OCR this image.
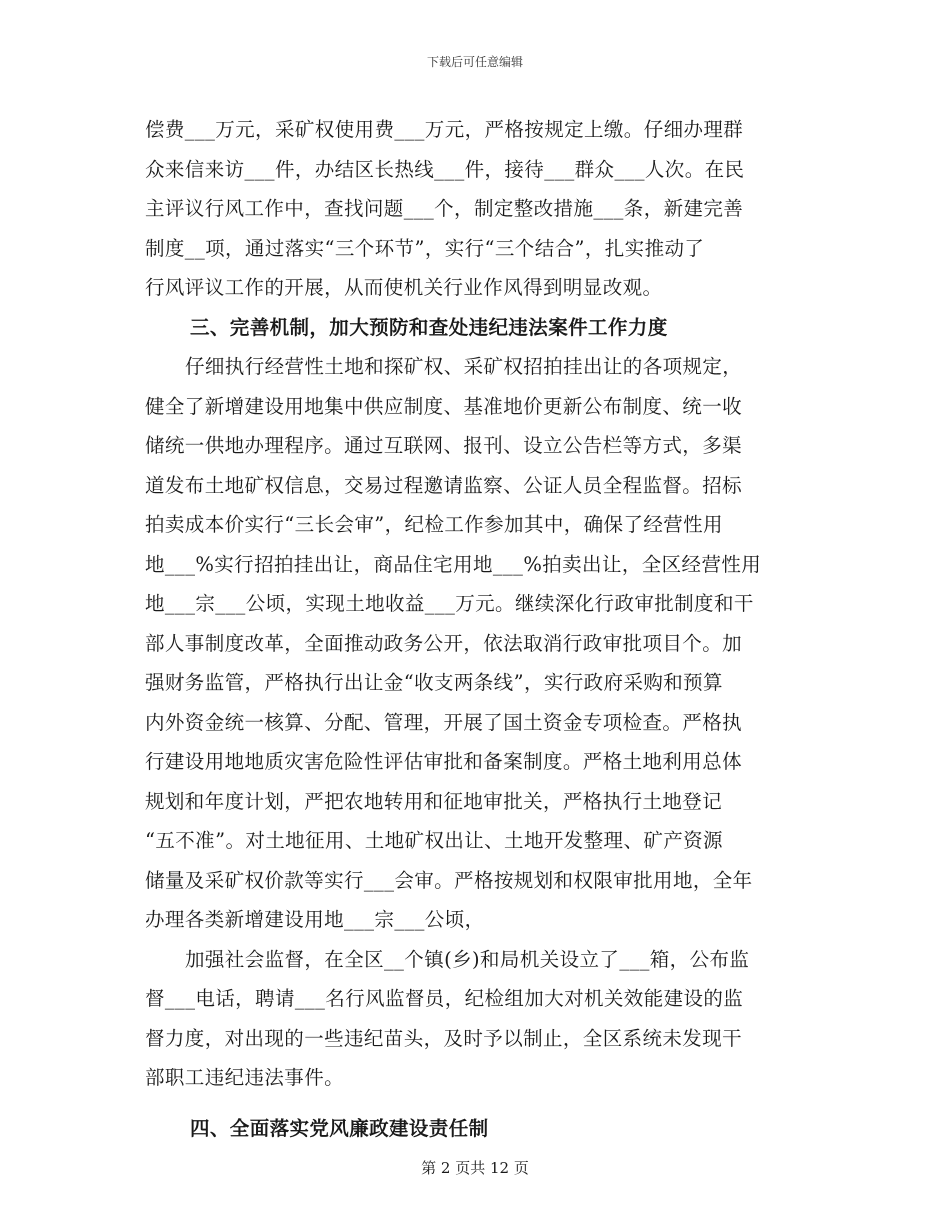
下载后可任意编辑
偿费___万元，采矿权使用费___万元，严格按规定上缴。仔细办理群
众来信来访___件，办结区长热线___件，接待___群众___人次。在民
主评议行风工作中，查找问题___个，制定整改措施___条，新建完善
制度__项，通过落实“三个环节”，实行“三个结合”，扎实推动了
行风评议工作的开展，从而使机关行业作风得到明显改观。
三、完善机制，加大预防和查处违纪违法案件工作力度
仔细执行经营性土地和探矿权、采矿权招拍挂出让的各项规定，
健全了新增建设用地集中供应制度、基准地价更新公布制度、统一收
储统一供地办理程序。通过互联网、报刊、设立公告栏等方式，多渠
道发布土地矿权信息，交易过程邀请监察、公证人员全程监督。招标
拍卖成本价实行“三长会审”，纪检工作参加其中，确保了经营性用
地___%实行招拍挂出让，商品住宅用地___%拍卖出让，全区经营性用
地___宗___公顷，实现土地收益___万元。继续深化行政审批制度和干
部人事制度改革，全面推动政务公开，依法取消行政审批项目个。加
强财务监管，严格执行出让金“收支两条线”，实行政府采购和预算
内外资金统一核算、分配、管理，开展了国土资金专项检查。严格执
行建设用地地质灾害危险性评估审批和备案制度。严格土地利用总体
规划和年度计划，严把农地转用和征地审批关，严格执行土地登记
“五不准”。对土地征用、土地矿权出让、土地开发整理、矿产资源
储量及采矿权价款等实行___会审。严格按规划和权限审批用地，全年
办理各类新增建设用地___宗___公顷，
加强社会监督，在全区__个镇(乡)和局机关设立了___箱，公布监
督___电话，聘请___名行风监督员，纪检组加大对机关效能建设的监
督力度，对出现的一些违纪苗头，及时予以制止，全区系统未发现干
部职工违纪违法事件。
四、全面落实党风廉政建设责任制
第 2 页共 12 页
